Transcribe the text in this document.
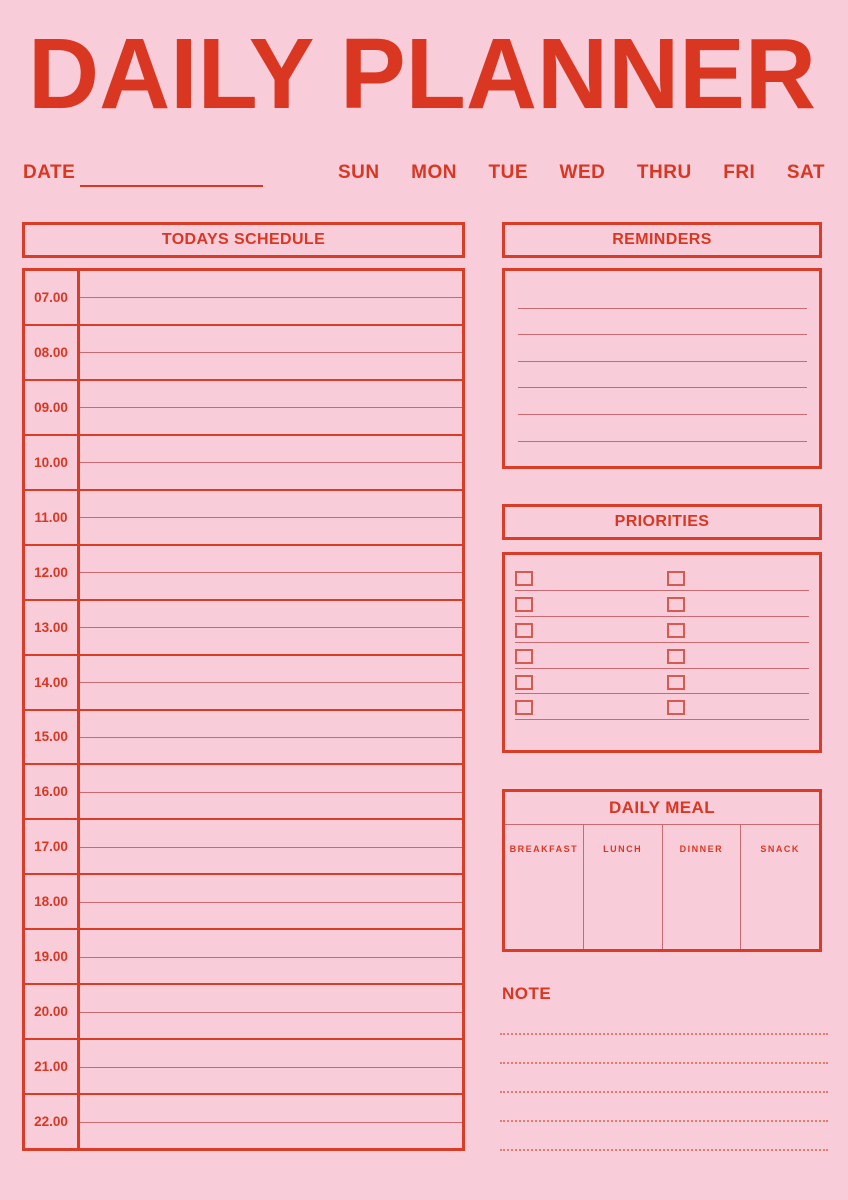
DAILY PLANNER
DATE	SUN MON TUE WED THRU FRI SAT
TODAYS SCHEDULE
07.00
08.00
09.00
10.00
11.00
12.00
13.00
14.00
15.00
16.00
17.00
18.00
19.00
20.00
21.00
22.00
REMINDERS
PRIORITIES
DAILY MEAL
BREAKFAST	LUNCH	DINNER	SNACK
NOTE
